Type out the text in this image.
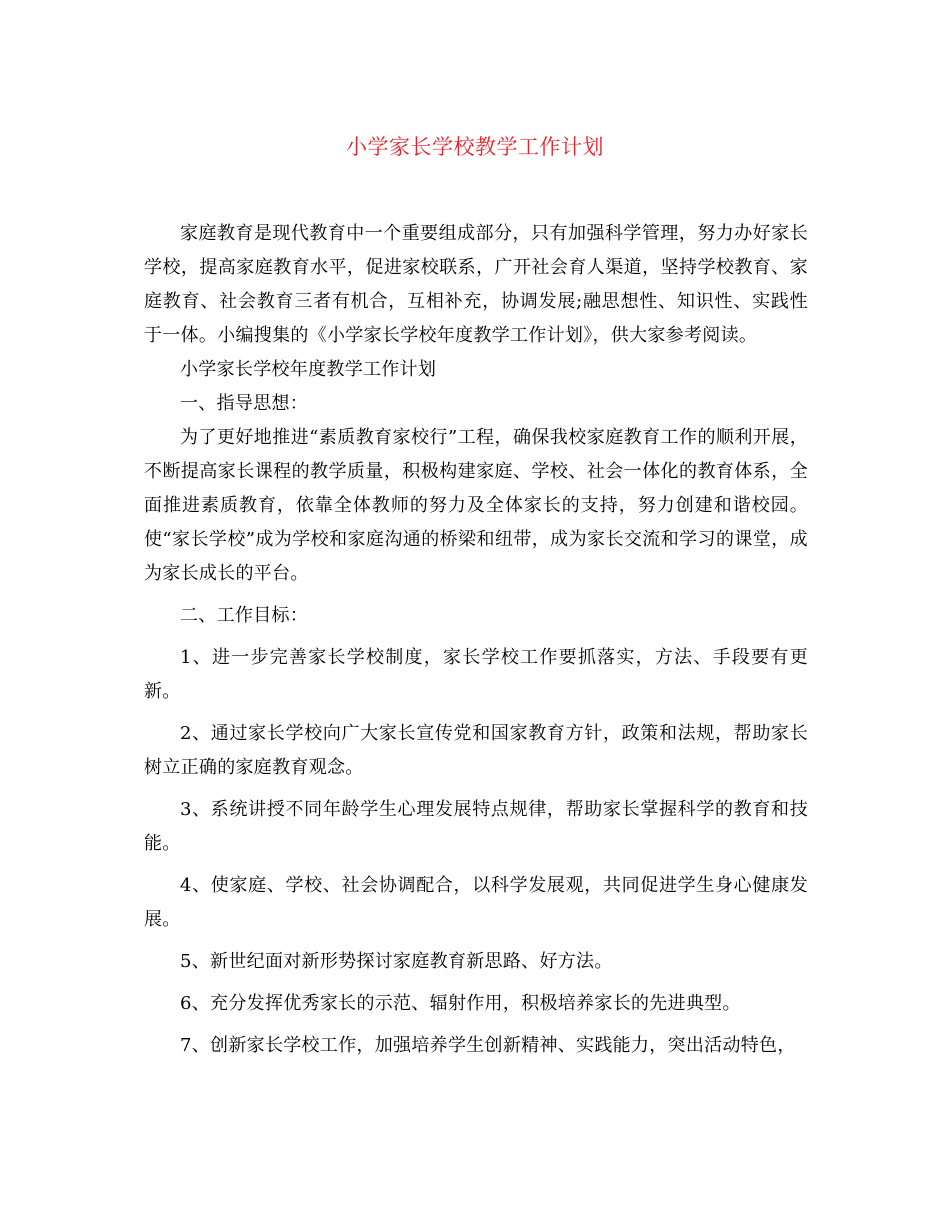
小学家长学校教学工作计划

家庭教育是现代教育中一个重要组成部分，只有加强科学管理，努力办好家长学校，提高家庭教育水平，促进家校联系，广开社会育人渠道，坚持学校教育、家庭教育、社会教育三者有机合，互相补充，协调发展;融思想性、知识性、实践性于一体。小编搜集的《小学家长学校年度教学工作计划》，供大家参考阅读。

小学家长学校年度教学工作计划

一、指导思想：

为了更好地推进“素质教育家校行”工程，确保我校家庭教育工作的顺利开展，不断提高家长课程的教学质量，积极构建家庭、学校、社会一体化的教育体系，全面推进素质教育，依靠全体教师的努力及全体家长的支持，努力创建和谐校园。使“家长学校”成为学校和家庭沟通的桥梁和纽带，成为家长交流和学习的课堂，成为家长成长的平台。

二、工作目标：

1、进一步完善家长学校制度，家长学校工作要抓落实，方法、手段要有更新。

2、通过家长学校向广大家长宣传党和国家教育方针，政策和法规，帮助家长树立正确的家庭教育观念。

3、系统讲授不同年龄学生心理发展特点规律，帮助家长掌握科学的教育和技能。

4、使家庭、学校、社会协调配合，以科学发展观，共同促进学生身心健康发展。

5、新世纪面对新形势探讨家庭教育新思路、好方法。

6、充分发挥优秀家长的示范、辐射作用，积极培养家长的先进典型。

7、创新家长学校工作，加强培养学生创新精神、实践能力，突出活动特色，
